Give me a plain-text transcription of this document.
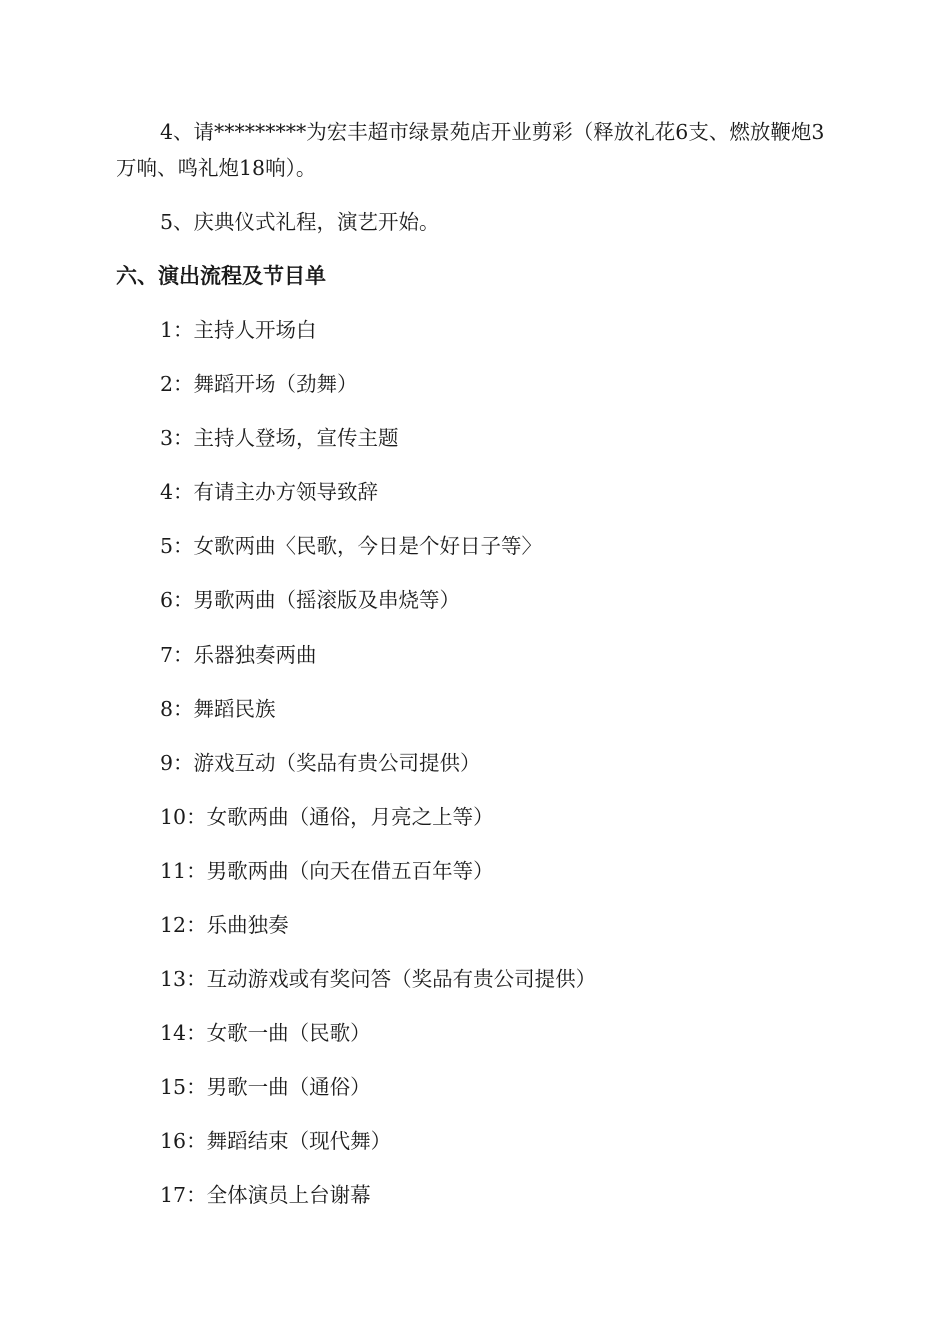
4、请*********为宏丰超市绿景苑店开业剪彩（释放礼花6支、燃放鞭炮3万响、鸣礼炮18响）。

5、庆典仪式礼程，演艺开始。

六、演出流程及节目单

1：主持人开场白

2：舞蹈开场（劲舞）

3：主持人登场，宣传主题

4：有请主办方领导致辞

5：女歌两曲〈民歌，今日是个好日子等〉

6：男歌两曲（摇滚版及串烧等）

7：乐器独奏两曲

8：舞蹈民族

9：游戏互动（奖品有贵公司提供）

10：女歌两曲（通俗，月亮之上等）

11：男歌两曲（向天在借五百年等）

12：乐曲独奏

13：互动游戏或有奖问答（奖品有贵公司提供）

14：女歌一曲（民歌）

15：男歌一曲（通俗）

16：舞蹈结束（现代舞）

17：全体演员上台谢幕
